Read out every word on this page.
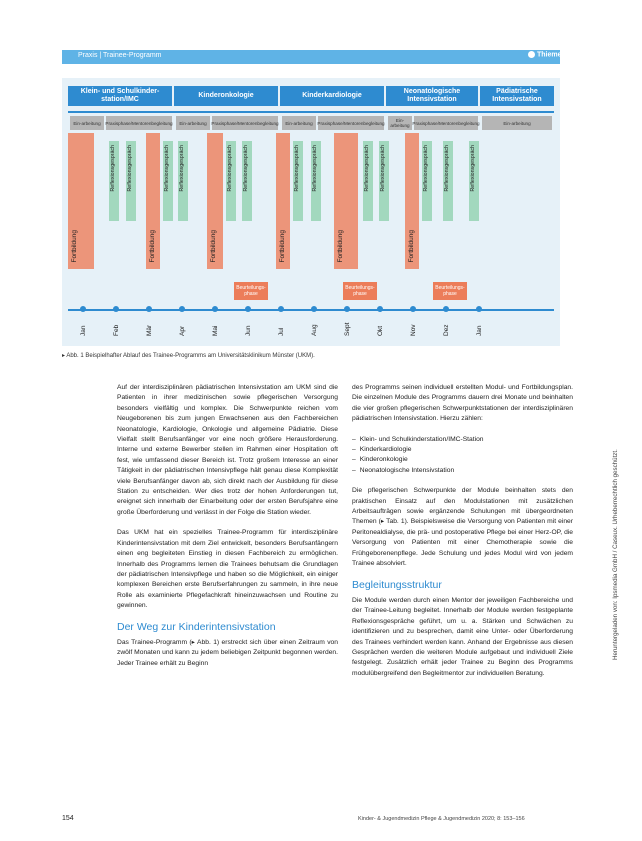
Praxis | Trainee-Programm	Thieme
Klein- und Schulkinder-station/IMC
Kinderonkologie	Kinderkardiologie
Neonatologische Intensivstation
Pädiatrische Intensivstation
Ein-arbeitung	Praxisphase/Mentorenbegleitung	Ein-arbeitung	Praxisphase/Mentorenbegleitung	Ein-arbeitung	Praxisphase/Mentorenbegleitung	Ein-arbeitung Praxisphase/Mentorenbegleitung	Ein-arbeitung
Fortbildung	Fortbildung	Fortbildung	Fortbildung	Fortbildung	Fortbildung
Reflexionsgespräch Reflexionsgespräch	Reflexionsgespräch Reflexionsgespräch	Reflexionsgespräch Reflexionsgespräch	Reflexionsgespräch Reflexionsgespräch	Reflexionsgespräch Reflexionsgespräch	Reflexionsgespräch	Reflexionsgespräch	Reflexionsgespräch
Beurteilungs-phase
Beurteilungs-phase
Beurteilungs-phase
Jan	Feb	Mär	Apr	Mai	Jun	Jul	Aug	Sept	Okt	Nov	Dez	Jan
▸ Abb. 1 Beispielhafter Ablauf des Trainee-Programms am Universitätsklinikum Münster (UKM).

Auf der interdisziplinären pädiatrischen Intensivstation am UKM sind die Patienten in ihrer medizinischen sowie pflegerischen Versorgung besonders vielfältig und komplex. Die Schwerpunkte reichen vom Neugeborenen bis zum jungen Erwachsenen aus den Fachbereichen Neonatologie, Kardiologie, Onkologie und allgemeine Pädiatrie. Diese Vielfalt stellt Berufsanfänger vor eine noch größere Herausforderung. Interne und externe Bewerber stellen im Rahmen einer Hospitation oft fest, wie umfassend dieser Bereich ist. Trotz großem Interesse an einer Tätigkeit in der pädiatrischen Intensivpflege hält genau diese Komplexität viele Berufsanfänger davon ab, sich direkt nach der Ausbildung für diese Station zu entscheiden. Wer dies trotz der hohen Anforderungen tut, ereignet sich innerhalb der Einarbeitung oder der ersten Berufsjahre eine große Überforderung und verlässt in der Folge die Station wieder.

Das UKM hat ein spezielles Trainee-Programm für interdisziplinäre Kinderintensivstation mit dem Ziel entwickelt, besonders Berufsanfängern einen eng begleiteten Einstieg in diesen Fachbereich zu ermöglichen. Innerhalb des Programms lernen die Trainees behutsam die Grundlagen der pädiatrischen Intensivpflege und haben so die Möglichkeit, ein einiger komplexen Bereichen erste Berufserfahrungen zu sammeln, in ihre neue Rolle als examinierte Pflegefachkraft hineinzuwachsen und Routine zu gewinnen.

Der Weg zur Kinderintensivstation

Das Trainee-Programm (▸ Abb. 1) erstreckt sich über einen Zeitraum von zwölf Monaten und kann zu jedem beliebigen Zeitpunkt begonnen werden. Jeder Trainee erhält zu Beginn

des Programms seinen individuell erstellten Modul- und Fortbildungsplan. Die einzelnen Module des Programms dauern drei Monate und beinhalten die vier großen pflegerischen Schwerpunktstationen der interdisziplinären pädiatrischen Intensivstation. Hierzu zählen:

– Klein- und Schulkinderstation/IMC-Station
– Kinderkardiologie
– Kinderonkologie
– Neonatologische Intensivstation

Die pflegerischen Schwerpunkte der Module beinhalten stets den praktischen Einsatz auf den Modulstationen mit zusätzlichen Arbeitsaufträgen sowie ergänzende Schulungen mit übergeordneten Themen (▸ Tab. 1). Beispielsweise die Versorgung von Patienten mit einer Peritonealdialyse, die prä- und postoperative Pflege bei einer Herz-OP, die Versorgung von Patienten mit einer Chemotherapie sowie die Frühgeborenenpflege. Jede Schulung und jedes Modul wird von jedem Trainee absolviert.

Begleitungsstruktur

Die Module werden durch einen Mentor der jeweiligen Fachbereiche und der Trainee-Leitung begleitet. Innerhalb der Module werden festgeplante Reflexionsgespräche geführt, um u. a. Stärken und Schwächen zu identifizieren und zu besprechen, damit eine Unter- oder Überforderung des Trainees verhindert werden kann. Anhand der Ergebnisse aus diesen Gesprächen werden die weiteren Module aufgebaut und individuell Ziele festgelegt. Zusätzlich erhält jeder Trainee zu Beginn des Programms modulübergreifend den Begleitmentor zur individuellen Beratung.

154	Kinder- & Jugendmedizin Pflege & Jugendmedizin 2020; 8: 153–156
Heruntergeladen von: Ipsmedia GmbH / Caseux. Urheberrechtlich geschützt.
